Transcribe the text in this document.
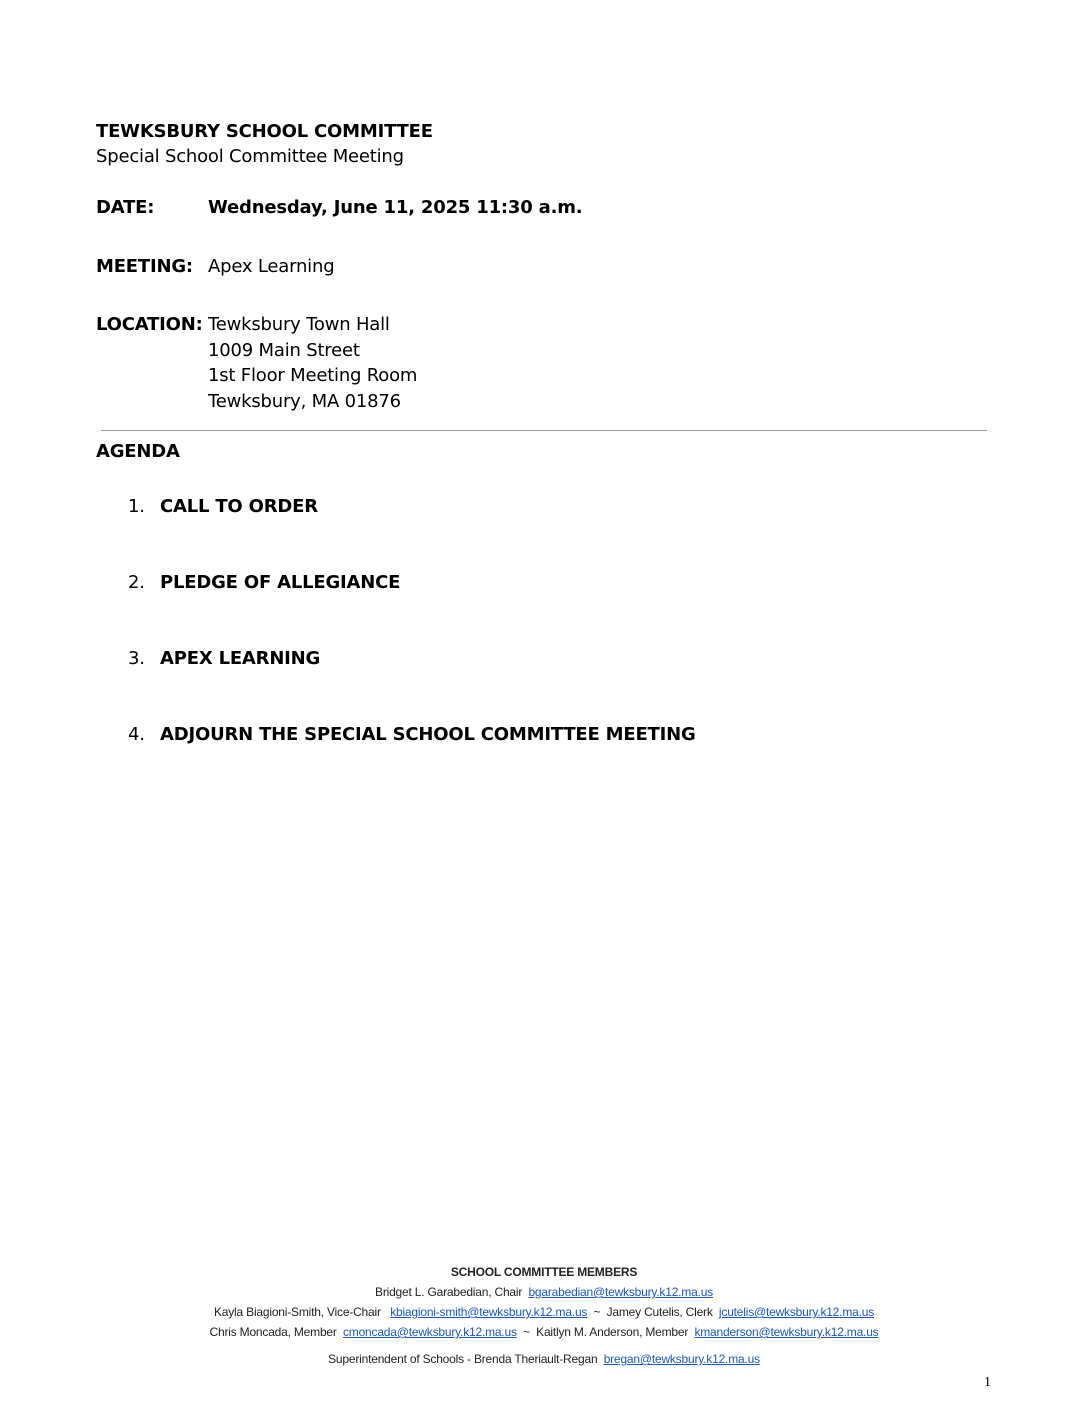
TEWKSBURY SCHOOL COMMITTEE
Special School Committee Meeting
DATE:	Wednesday, June 11, 2025 11:30 a.m.
MEETING: Apex Learning
LOCATION: Tewksbury Town Hall
1009 Main Street
1st Floor Meeting Room
Tewksbury, MA 01876
AGENDA
1. CALL TO ORDER
2. PLEDGE OF ALLEGIANCE
3. APEX LEARNING
4. ADJOURN THE SPECIAL SCHOOL COMMITTEE MEETING
SCHOOL COMMITTEE MEMBERS
Bridget L. Garabedian, Chair bgarabedian@tewksbury.k12.ma.us
Kayla Biagioni-Smith, Vice-Chair kbiagioni-smith@tewksbury.k12.ma.us ~ Jamey Cutelis, Clerk jcutelis@tewksbury.k12.ma.us
Chris Moncada, Member cmoncada@tewksbury.k12.ma.us ~ Kaitlyn M. Anderson, Member kmanderson@tewksbury.k12.ma.us
Superintendent of Schools - Brenda Theriault-Regan bregan@tewksbury.k12.ma.us
1
